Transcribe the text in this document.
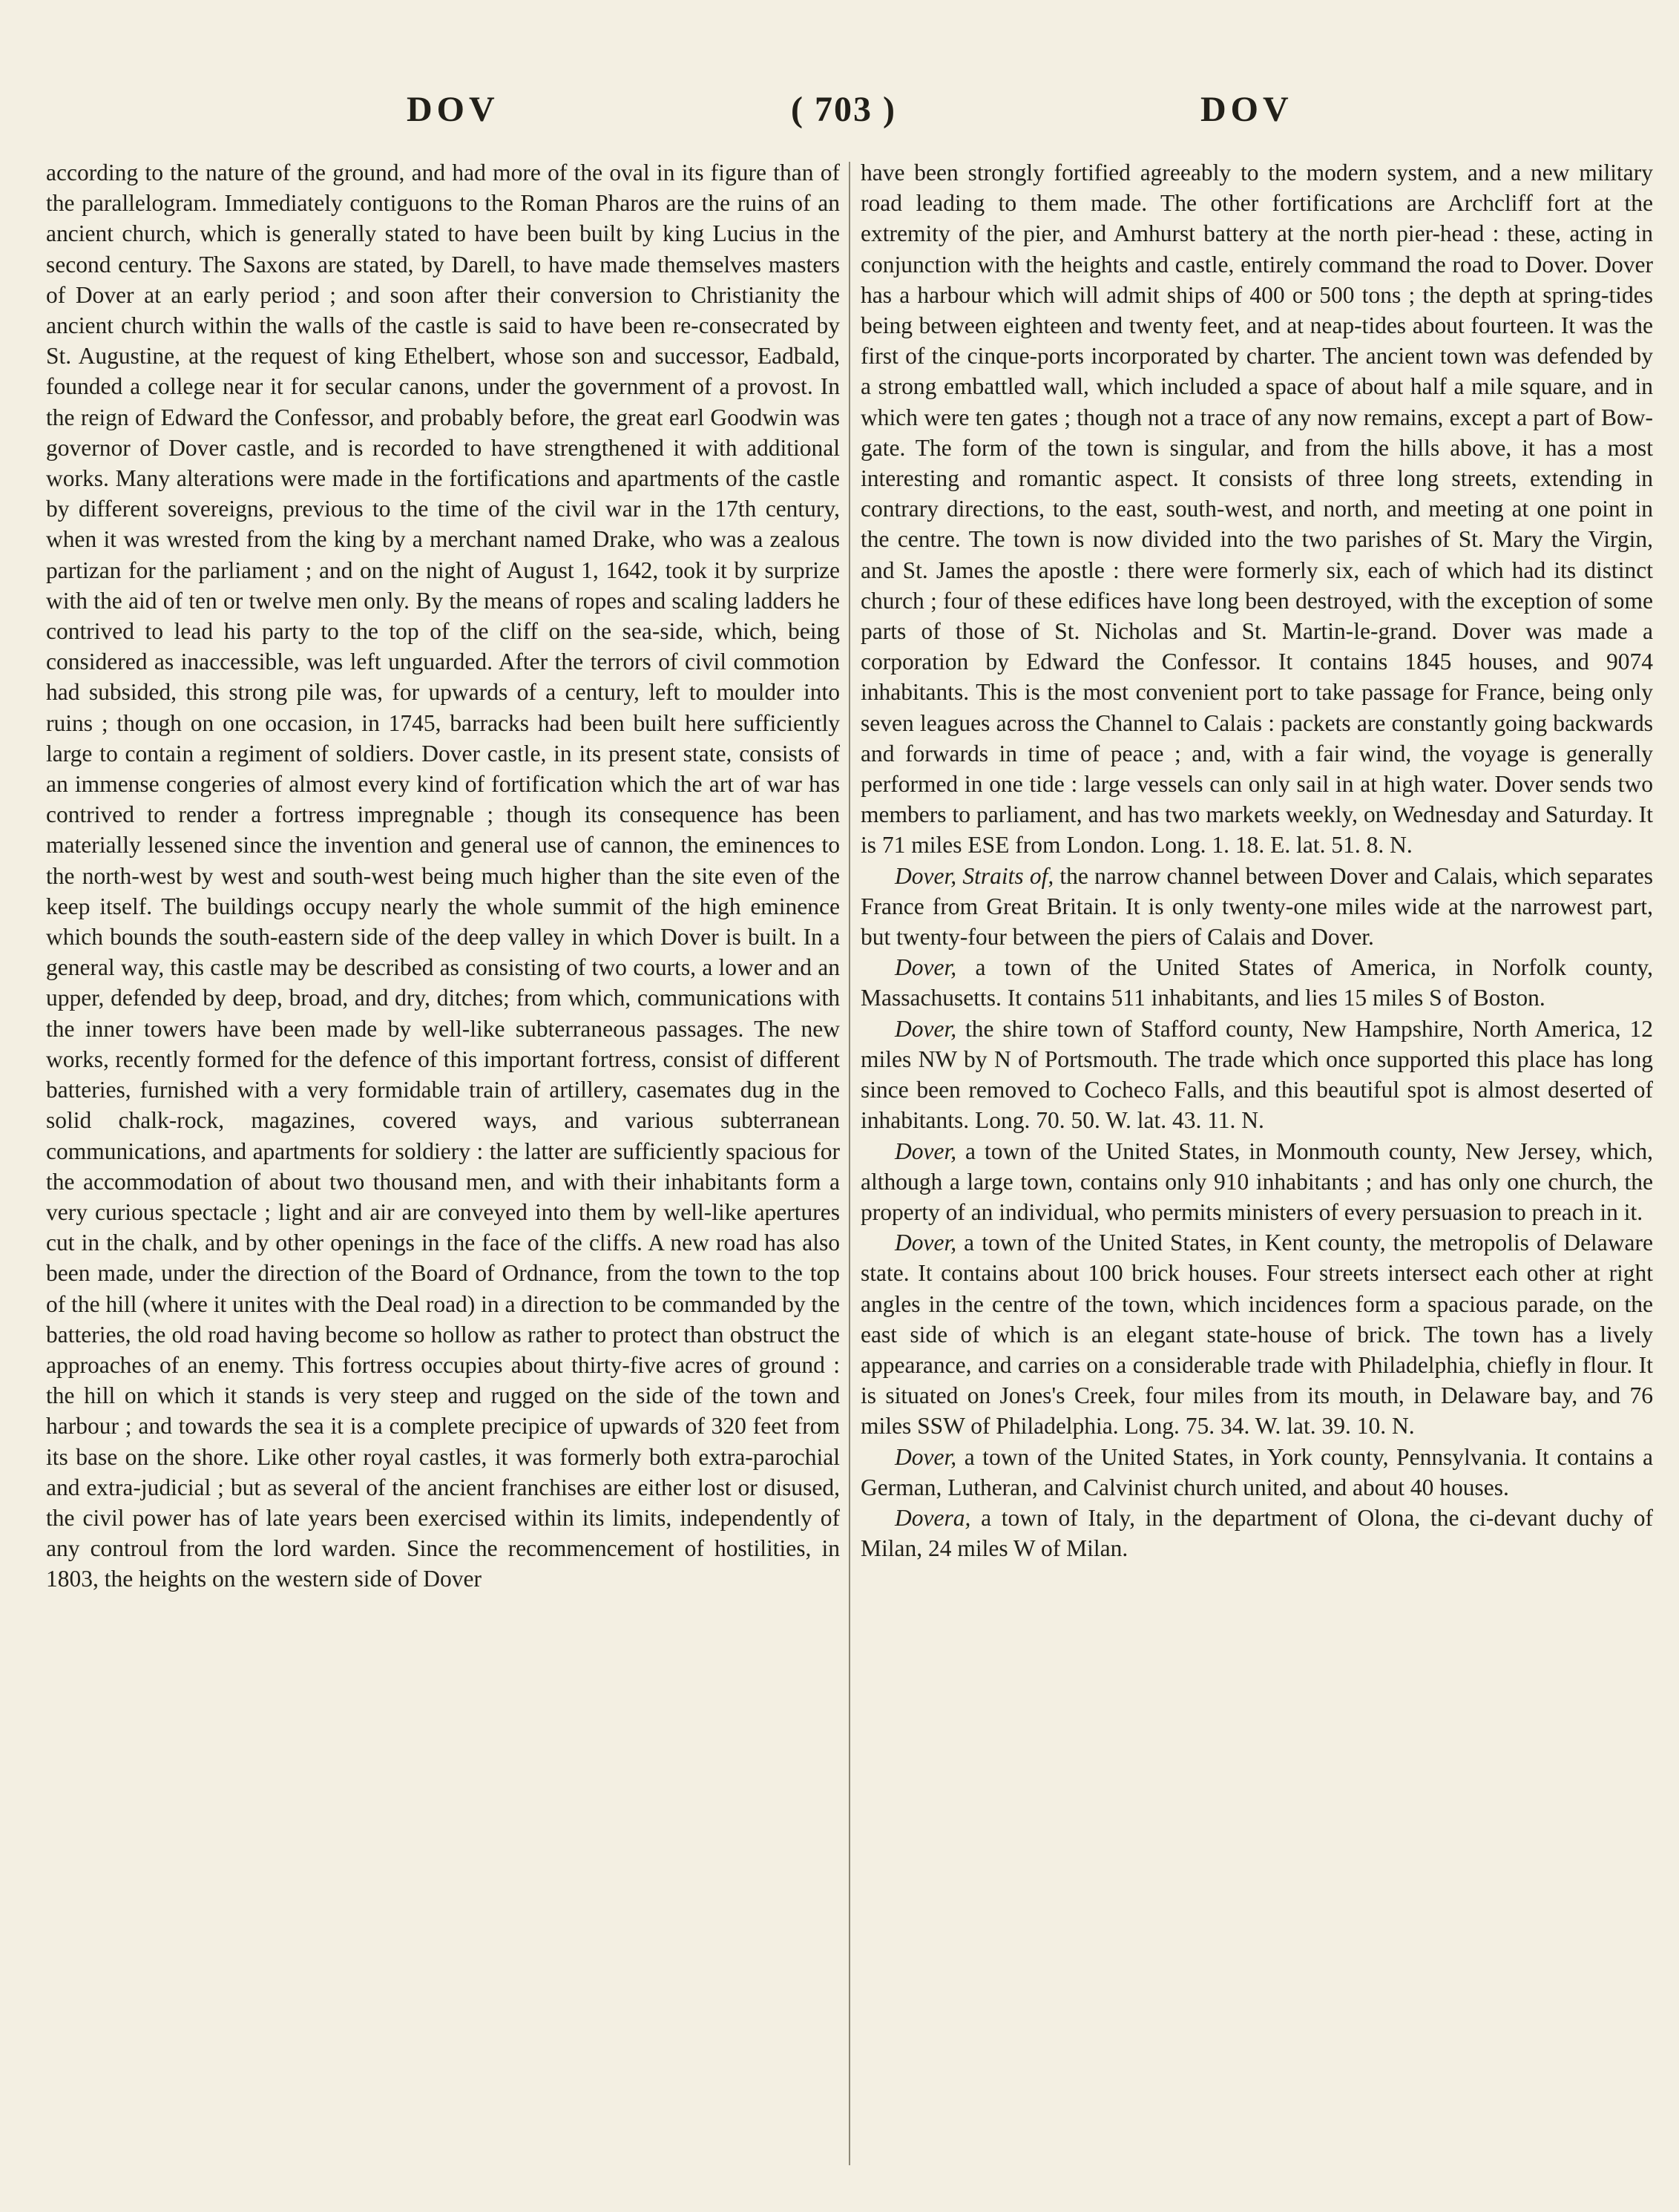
DOV	( 703 )	DOV

according to the nature of the ground, and had more of the oval in its figure than of the parallelogram. Immediately contiguons to the Roman Pharos are the ruins of an ancient church, which is generally stated to have been built by king Lucius in the second century. The Saxons are stated, by Darell, to have made themselves masters of Dover at an early period ; and soon after their conversion to Christianity the ancient church within the walls of the castle is said to have been re-consecrated by St. Augustine, at the request of king Ethelbert, whose son and successor, Eadbald, founded a college near it for secular canons, under the government of a provost. In the reign of Edward the Confessor, and probably before, the great earl Goodwin was governor of Dover castle, and is recorded to have strengthened it with additional works. Many alterations were made in the fortifications and apartments of the castle by different sovereigns, previous to the time of the civil war in the 17th century, when it was wrested from the king by a merchant named Drake, who was a zealous partizan for the parliament ; and on the night of August 1, 1642, took it by surprize with the aid of ten or twelve men only. By the means of ropes and scaling ladders he contrived to lead his party to the top of the cliff on the sea-side, which, being considered as inaccessible, was left unguarded. After the terrors of civil commotion had subsided, this strong pile was, for upwards of a century, left to moulder into ruins ; though on one occasion, in 1745, barracks had been built here sufficiently large to contain a regiment of soldiers. Dover castle, in its present state, consists of an immense congeries of almost every kind of fortification which the art of war has contrived to render a fortress impregnable ; though its consequence has been materially lessened since the invention and general use of cannon, the eminences to the north-west by west and south-west being much higher than the site even of the keep itself. The buildings occupy nearly the whole summit of the high eminence which bounds the south-eastern side of the deep valley in which Dover is built. In a general way, this castle may be described as consisting of two courts, a lower and an upper, defended by deep, broad, and dry, ditches; from which, communications with the inner towers have been made by well-like subterraneous passages. The new works, recently formed for the defence of this important fortress, consist of different batteries, furnished with a very formidable train of artillery, casemates dug in the solid chalk-rock, magazines, covered ways, and various subterranean communications, and apartments for soldiery : the latter are sufficiently spacious for the accommodation of about two thousand men, and with their inhabitants form a very curious spectacle ; light and air are conveyed into them by well-like apertures cut in the chalk, and by other openings in the face of the cliffs. A new road has also been made, under the direction of the Board of Ordnance, from the town to the top of the hill (where it unites with the Deal road) in a direction to be commanded by the batteries, the old road having become so hollow as rather to protect than obstruct the approaches of an enemy. This fortress occupies about thirty-five acres of ground : the hill on which it stands is very steep and rugged on the side of the town and harbour ; and towards the sea it is a complete precipice of upwards of 320 feet from its base on the shore. Like other royal castles, it was formerly both extra-parochial and extra-judicial ; but as several of the ancient franchises are either lost or disused, the civil power has of late years been exercised within its limits, independently of any controul from the lord warden. Since the recommencement of hostilities, in 1803, the heights on the western side of Dover

have been strongly fortified agreeably to the modern system, and a new military road leading to them made. The other fortifications are Archcliff fort at the extremity of the pier, and Amhurst battery at the north pier-head : these, acting in conjunction with the heights and castle, entirely command the road to Dover. Dover has a harbour which will admit ships of 400 or 500 tons ; the depth at spring-tides being between eighteen and twenty feet, and at neap-tides about fourteen. It was the first of the cinque-ports incorporated by charter. The ancient town was defended by a strong embattled wall, which included a space of about half a mile square, and in which were ten gates ; though not a trace of any now remains, except a part of Bow-gate. The form of the town is singular, and from the hills above, it has a most interesting and romantic aspect. It consists of three long streets, extending in contrary directions, to the east, south-west, and north, and meeting at one point in the centre. The town is now divided into the two parishes of St. Mary the Virgin, and St. James the apostle : there were formerly six, each of which had its distinct church ; four of these edifices have long been destroyed, with the exception of some parts of those of St. Nicholas and St. Martin-le-grand. Dover was made a corporation by Edward the Confessor. It contains 1845 houses, and 9074 inhabitants. This is the most convenient port to take passage for France, being only seven leagues across the Channel to Calais : packets are constantly going backwards and forwards in time of peace ; and, with a fair wind, the voyage is generally performed in one tide : large vessels can only sail in at high water. Dover sends two members to parliament, and has two markets weekly, on Wednesday and Saturday. It is 71 miles ESE from London. Long. 1. 18. E. lat. 51. 8. N.

Dover, Straits of, the narrow channel between Dover and Calais, which separates France from Great Britain. It is only twenty-one miles wide at the narrowest part, but twenty-four between the piers of Calais and Dover.

Dover, a town of the United States of America, in Norfolk county, Massachusetts. It contains 511 inhabitants, and lies 15 miles S of Boston.

Dover, the shire town of Stafford county, New Hampshire, North America, 12 miles NW by N of Portsmouth. The trade which once supported this place has long since been removed to Cocheco Falls, and this beautiful spot is almost deserted of inhabitants. Long. 70. 50. W. lat. 43. 11. N.

Dover, a town of the United States, in Monmouth county, New Jersey, which, although a large town, contains only 910 inhabitants ; and has only one church, the property of an individual, who permits ministers of every persuasion to preach in it.

Dover, a town of the United States, in Kent county, the metropolis of Delaware state. It contains about 100 brick houses. Four streets intersect each other at right angles in the centre of the town, which incidences form a spacious parade, on the east side of which is an elegant state-house of brick. The town has a lively appearance, and carries on a considerable trade with Philadelphia, chiefly in flour. It is situated on Jones's Creek, four miles from its mouth, in Delaware bay, and 76 miles SSW of Philadelphia. Long. 75. 34. W. lat. 39. 10. N.

Dover, a town of the United States, in York county, Pennsylvania. It contains a German, Lutheran, and Calvinist church united, and about 40 houses.

Dovera, a town of Italy, in the department of Olona, the ci-devant duchy of Milan, 24 miles W of Milan.
